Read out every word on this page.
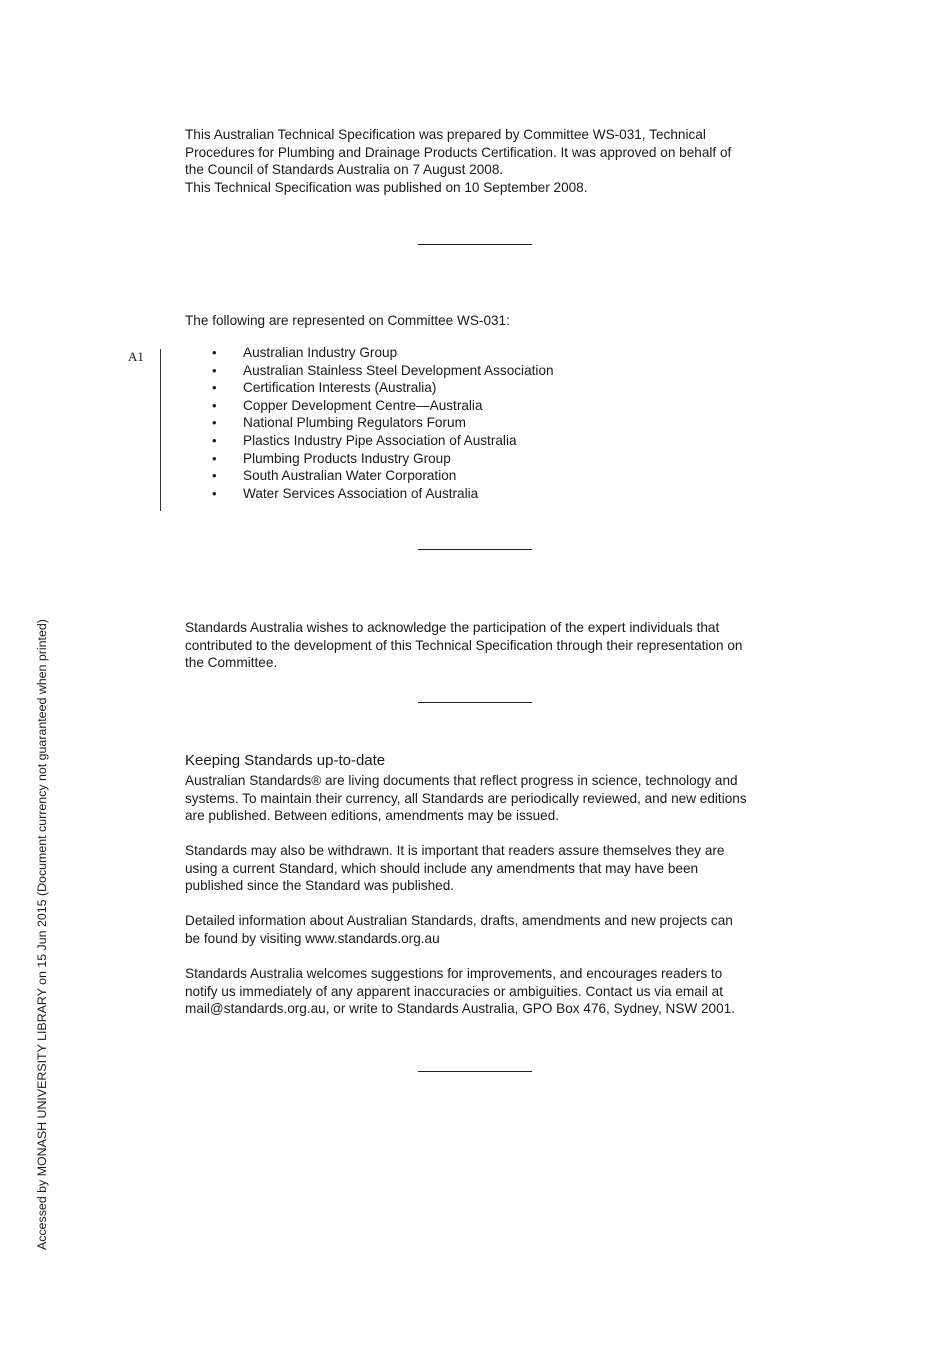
This Australian Technical Specification was prepared by Committee WS-031, Technical
Procedures for Plumbing and Drainage Products Certification. It was approved on behalf of
the Council of Standards Australia on 7 August 2008.
This Technical Specification was published on 10 September 2008.

The following are represented on Committee WS-031:

A1	•	Australian Industry Group
•	Australian Stainless Steel Development Association
•	Certification Interests (Australia)
•	Copper Development Centre—Australia
•	National Plumbing Regulators Forum
•	Plastics Industry Pipe Association of Australia
•	Plumbing Products Industry Group
•	South Australian Water Corporation
•	Water Services Association of Australia

Standards Australia wishes to acknowledge the participation of the expert individuals that
contributed to the development of this Technical Specification through their representation on
the Committee.

Keeping Standards up-to-date

Australian Standards® are living documents that reflect progress in science, technology and
systems. To maintain their currency, all Standards are periodically reviewed, and new editions
are published. Between editions, amendments may be issued.

Standards may also be withdrawn. It is important that readers assure themselves they are
using a current Standard, which should include any amendments that may have been
published since the Standard was published.

Detailed information about Australian Standards, drafts, amendments and new projects can
be found by visiting www.standards.org.au

Standards Australia welcomes suggestions for improvements, and encourages readers to
notify us immediately of any apparent inaccuracies or ambiguities. Contact us via email at
mail@standards.org.au, or write to Standards Australia, GPO Box 476, Sydney, NSW 2001.

Accessed by MONASH UNIVERSITY LIBRARY on 15 Jun 2015 (Document currency not guaranteed when printed)
